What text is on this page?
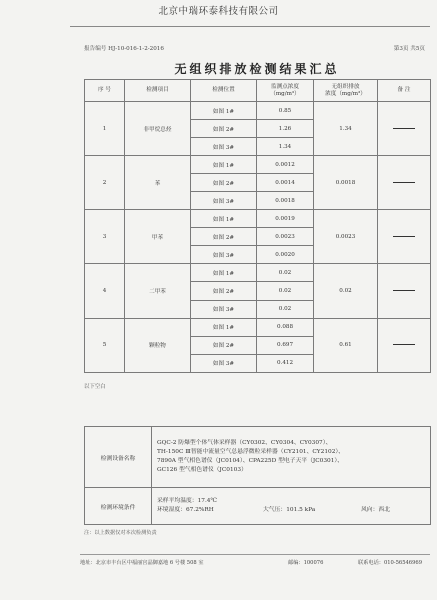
北京中瑞环泰科技有限公司
报告编号 HJ-10-016-1-2-2016	第3页 共5页
无组织排放检测结果汇总
序 号	检测项目	检测位置	监测点浓度
（mg/m³）	无组织排放
浓度（mg/m³）	备 注
1	非甲烷总烃	如图 1#	0.85	1.34	
		如图 2#	1.26		
		如图 3#	1.34		
2	苯	如图 1#	0.0012	0.0018	
		如图 2#	0.0014		
		如图 3#	0.0018		
3	甲苯	如图 1#	0.0019	0.0023	
		如图 2#	0.0023		
		如图 3#	0.0020		
4	二甲苯	如图 1#	0.02	0.02	
		如图 2#	0.02		
		如图 3#	0.02		
5	颗粒物	如图 1#	0.088	0.61	
		如图 2#	0.697		
		如图 3#	0.412		
以下空白
检测设备名称	GQC-2 防爆型个体气体采样器（CY0302、CY0304、CY0307）、
TH-150C Ⅲ智能中流量空气总悬浮微粒采样器（CY2101、CY2102）、
7890A 型气相色谱仪（JC0104）、CPA225D 型电子天平（JC0301）、
GC126 型气相色谱仪（JC0103）

检测环境条件	采样平均温度：17.4℃
环境湿度：67.2%RH 大气压：101.5 kPa 风向：西北
注：以上数据仅对本次检测负责
地址：北京市丰台区中福丽宫晶御嘉地 6 号楼 508 室	邮编：100076	联系电话：010-56546969
